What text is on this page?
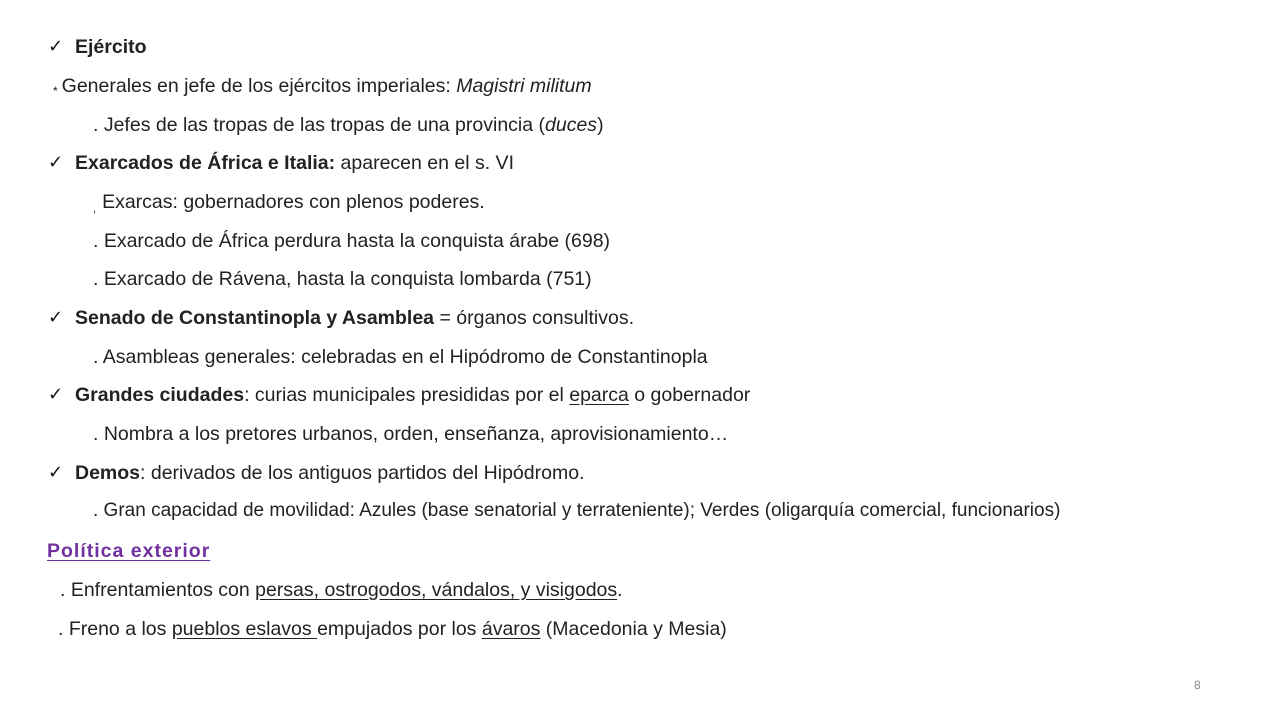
✓ Ejército
* Generales en jefe de los ejércitos imperiales: Magistri militum
. Jefes de las tropas de las tropas de una provincia (duces)
✓ Exarcados de África e Italia: aparecen en el s. VI
$_,$ Exarcas: gobernadores con plenos poderes.
. Exarcado de África perdura hasta la conquista árabe (698)
. Exarcado de Rávena, hasta la conquista lombarda (751)
✓ Senado de Constantinopla y Asamblea = órganos consultivos.
. Asambleas generales: celebradas en el Hipódromo de Constantinopla
✓ Grandes ciudades: curias municipales presididas por el eparca o gobernador
. Nombra a los pretores urbanos, orden, enseñanza, aprovisionamiento…
✓ Demos: derivados de los antiguos partidos del Hipódromo.
. Gran capacidad de movilidad: Azules (base senatorial y terrateniente); Verdes (oligarquía comercial, funcionarios)
Política exterior
. Enfrentamientos con persas, ostrogodos, vándalos, y visigodos.
. Freno a los pueblos eslavos empujados por los ávaros (Macedonia y Mesia)
8
